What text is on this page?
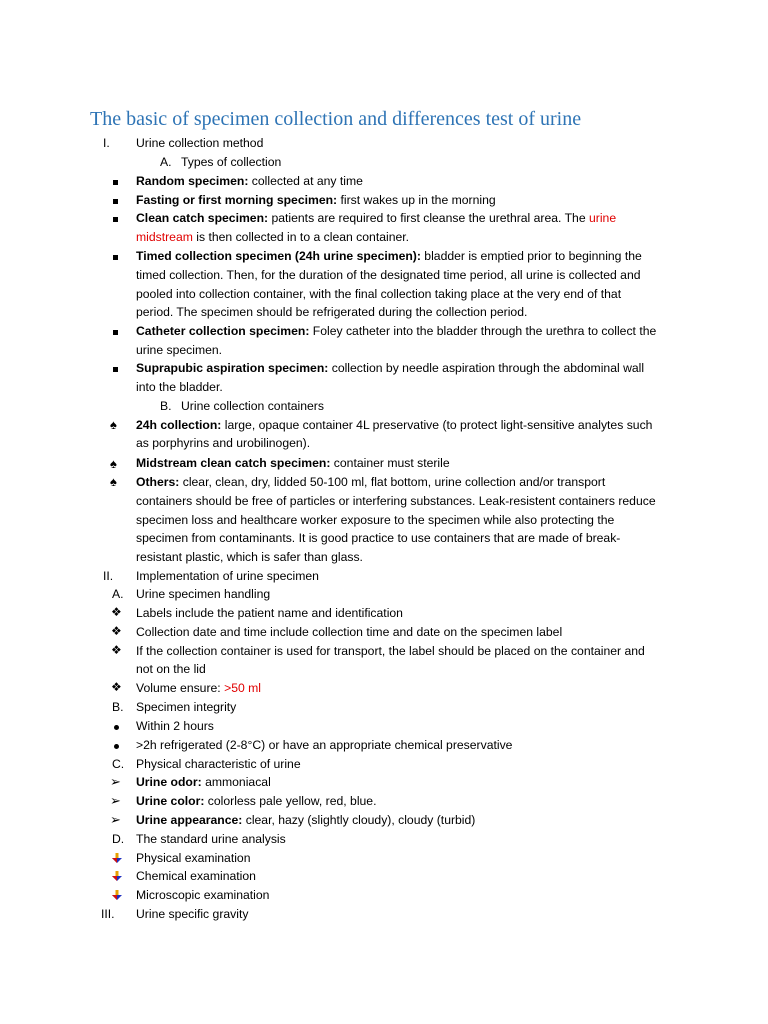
The basic of specimen collection and differences test of urine
I. Urine collection method
A. Types of collection
Random specimen: collected at any time
Fasting or first morning specimen: first wakes up in the morning
Clean catch specimen: patients are required to first cleanse the urethral area. The urine
midstream is then collected in to a clean container.
Timed collection specimen (24h urine specimen): bladder is emptied prior to beginning the
timed collection. Then, for the duration of the designated time period, all urine is collected and
pooled into collection container, with the final collection taking place at the very end of that
period. The specimen should be refrigerated during the collection period.
Catheter collection specimen: Foley catheter into the bladder through the urethra to collect the
urine specimen.
Suprapubic aspiration specimen: collection by needle aspiration through the abdominal wall
into the bladder.
B. Urine collection containers
♠ 24h collection: large, opaque container 4L preservative (to protect light-sensitive analytes such
as porphyrins and urobilinogen).
♠ Midstream clean catch specimen: container must sterile
♠ Others: clear, clean, dry, lidded 50-100 ml, flat bottom, urine collection and/or transport
containers should be free of particles or interfering substances. Leak-resistent containers reduce
specimen loss and healthcare worker exposure to the specimen while also protecting the
specimen from contaminants. It is good practice to use containers that are made of break-
resistant plastic, which is safer than glass.
II. Implementation of urine specimen
A. Urine specimen handling
❖ Labels include the patient name and identification
❖ Collection date and time include collection time and date on the specimen label
❖ If the collection container is used for transport, the label should be placed on the container and
not on the lid
❖ Volume ensure: >50 ml
B. Specimen integrity
Within 2 hours
>2h refrigerated (2-8°C) or have an appropriate chemical preservative
C. Physical characteristic of urine
➢ Urine odor: ammoniacal
➢ Urine color: colorless pale yellow, red, blue.
➢ Urine appearance: clear, hazy (slightly cloudy), cloudy (turbid)
D. The standard urine analysis
Physical examination
Chemical examination
Microscopic examination
III. Urine specific gravity
